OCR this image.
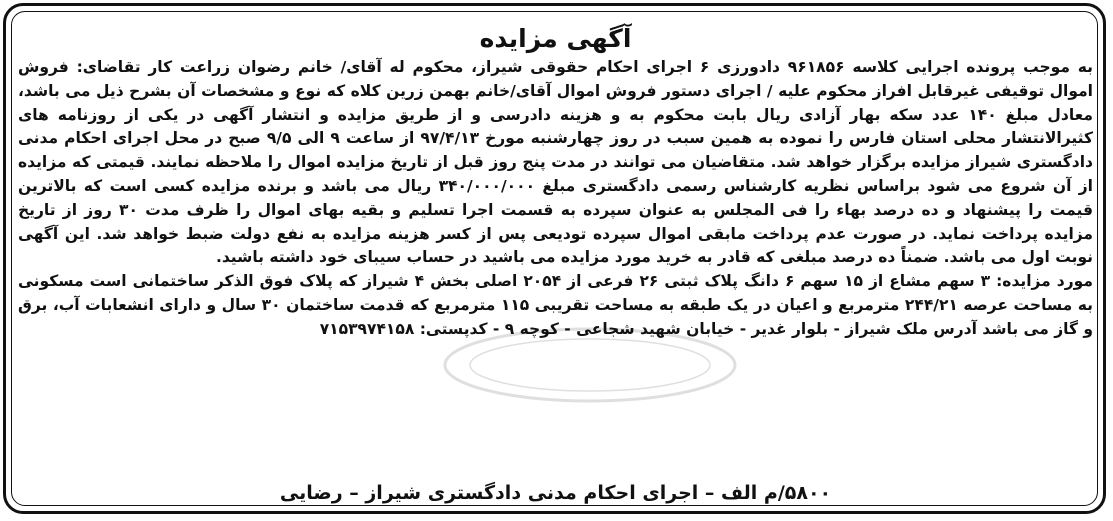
آگهی مزایده

به موجب پرونده اجرایی کلاسه ۹۶۱۸۵۶ دادورزی ۶ اجرای احکام حقوقی شیراز، محکوم له آقای/ خانم رضوان زراعت کار تقاضای: فروش اموال توقیفی غیرقابل افراز محکوم علیه / اجرای دستور فروش اموال آقای/خانم بهمن زرین کلاه که نوع و مشخصات آن بشرح ذیل می باشد، معادل مبلغ ۱۴۰ عدد سکه بهار آزادی ریال بابت محکوم به و هزینه دادرسی و از طریق مزایده و انتشار آگهی در یکی از روزنامه های کثیرالانتشار محلی استان فارس را نموده به همین سبب در روز چهارشنبه مورخ ۹۷/۴/۱۳ از ساعت ۹ الی ۹/۵ صبح در محل اجرای احکام مدنی دادگستری شیراز مزایده برگزار خواهد شد. متقاضیان می توانند در مدت پنج روز قبل از تاریخ مزایده اموال را ملاحظه نمایند. قیمتی که مزایده از آن شروع می شود براساس نظریه کارشناس رسمی دادگستری مبلغ ۳۴۰/۰۰۰/۰۰۰ ریال می باشد و برنده مزایده کسی است که بالاترین قیمت را پیشنهاد و ده درصد بهاء را فی المجلس به عنوان سپرده به قسمت اجرا تسلیم و بقیه بهای اموال را ظرف مدت ۳۰ روز از تاریخ مزایده پرداخت نماید. در صورت عدم پرداخت مابقی اموال سپرده تودیعی پس از کسر هزینه مزایده به نفع دولت ضبط خواهد شد. این آگهی نوبت اول می باشد. ضمناً ده درصد مبلغی که قادر به خرید مورد مزایده می باشید در حساب سیبای خود داشته باشید.

مورد مزایده: ۳ سهم مشاع از ۱۵ سهم ۶ دانگ پلاک ثبتی ۲۶ فرعی از ۲۰۵۴ اصلی بخش ۴ شیراز که پلاک فوق الذکر ساختمانی است مسکونی به مساحت عرصه ۲۴۴/۲۱ مترمربع و اعیان در یک طبقه به مساحت تقریبی ۱۱۵ مترمربع که قدمت ساختمان ۳۰ سال و دارای انشعابات آب، برق و گاز می باشد آدرس ملک شیراز - بلوار غدیر - خیابان شهید شجاعی - کوچه ۹ - کدپستی: ۷۱۵۳۹۷۴۱۵۸

۵۸۰۰/م الف – اجرای احکام مدنی دادگستری شیراز – رضایی
